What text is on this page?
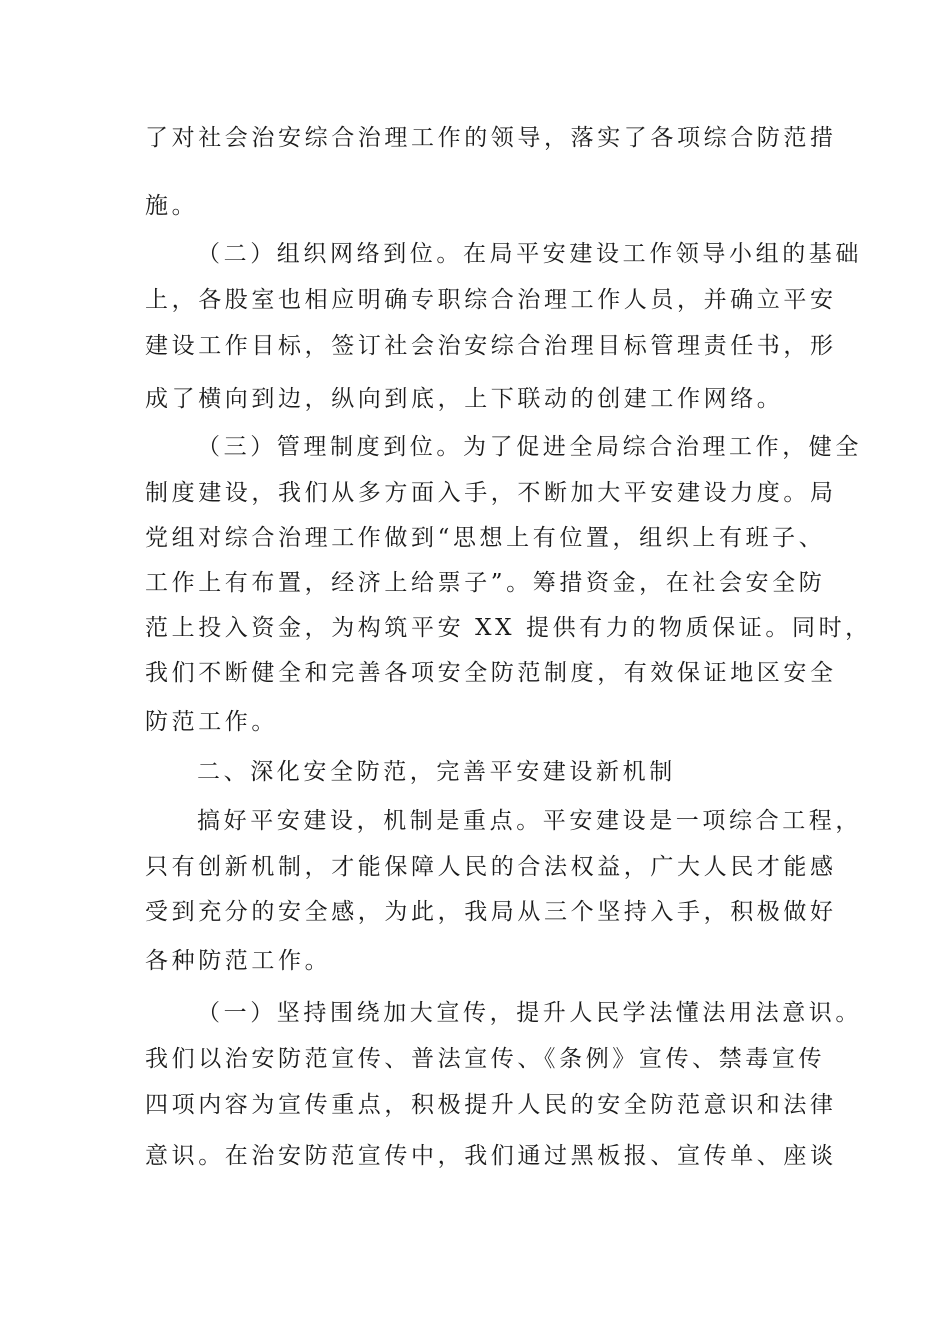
了对社会治安综合治理工作的领导，落实了各项综合防范措
施。
（二）组织网络到位。在局平安建设工作领导小组的基础
上，各股室也相应明确专职综合治理工作人员，并确立平安
建设工作目标，签订社会治安综合治理目标管理责任书，形
成了横向到边，纵向到底，上下联动的创建工作网络。
（三）管理制度到位。为了促进全局综合治理工作，健全
制度建设，我们从多方面入手，不断加大平安建设力度。局
党组对综合治理工作做到“思想上有位置，组织上有班子、
工作上有布置，经济上给票子”。筹措资金，在社会安全防
范上投入资金，为构筑平安 XX 提供有力的物质保证。同时，
我们不断健全和完善各项安全防范制度，有效保证地区安全
防范工作。
二、深化安全防范，完善平安建设新机制
搞好平安建设，机制是重点。平安建设是一项综合工程，
只有创新机制，才能保障人民的合法权益，广大人民才能感
受到充分的安全感，为此，我局从三个坚持入手，积极做好
各种防范工作。
（一）坚持围绕加大宣传，提升人民学法懂法用法意识。
我们以治安防范宣传、普法宣传、《条例》宣传、禁毒宣传
四项内容为宣传重点，积极提升人民的安全防范意识和法律
意识。在治安防范宣传中，我们通过黑板报、宣传单、座谈
